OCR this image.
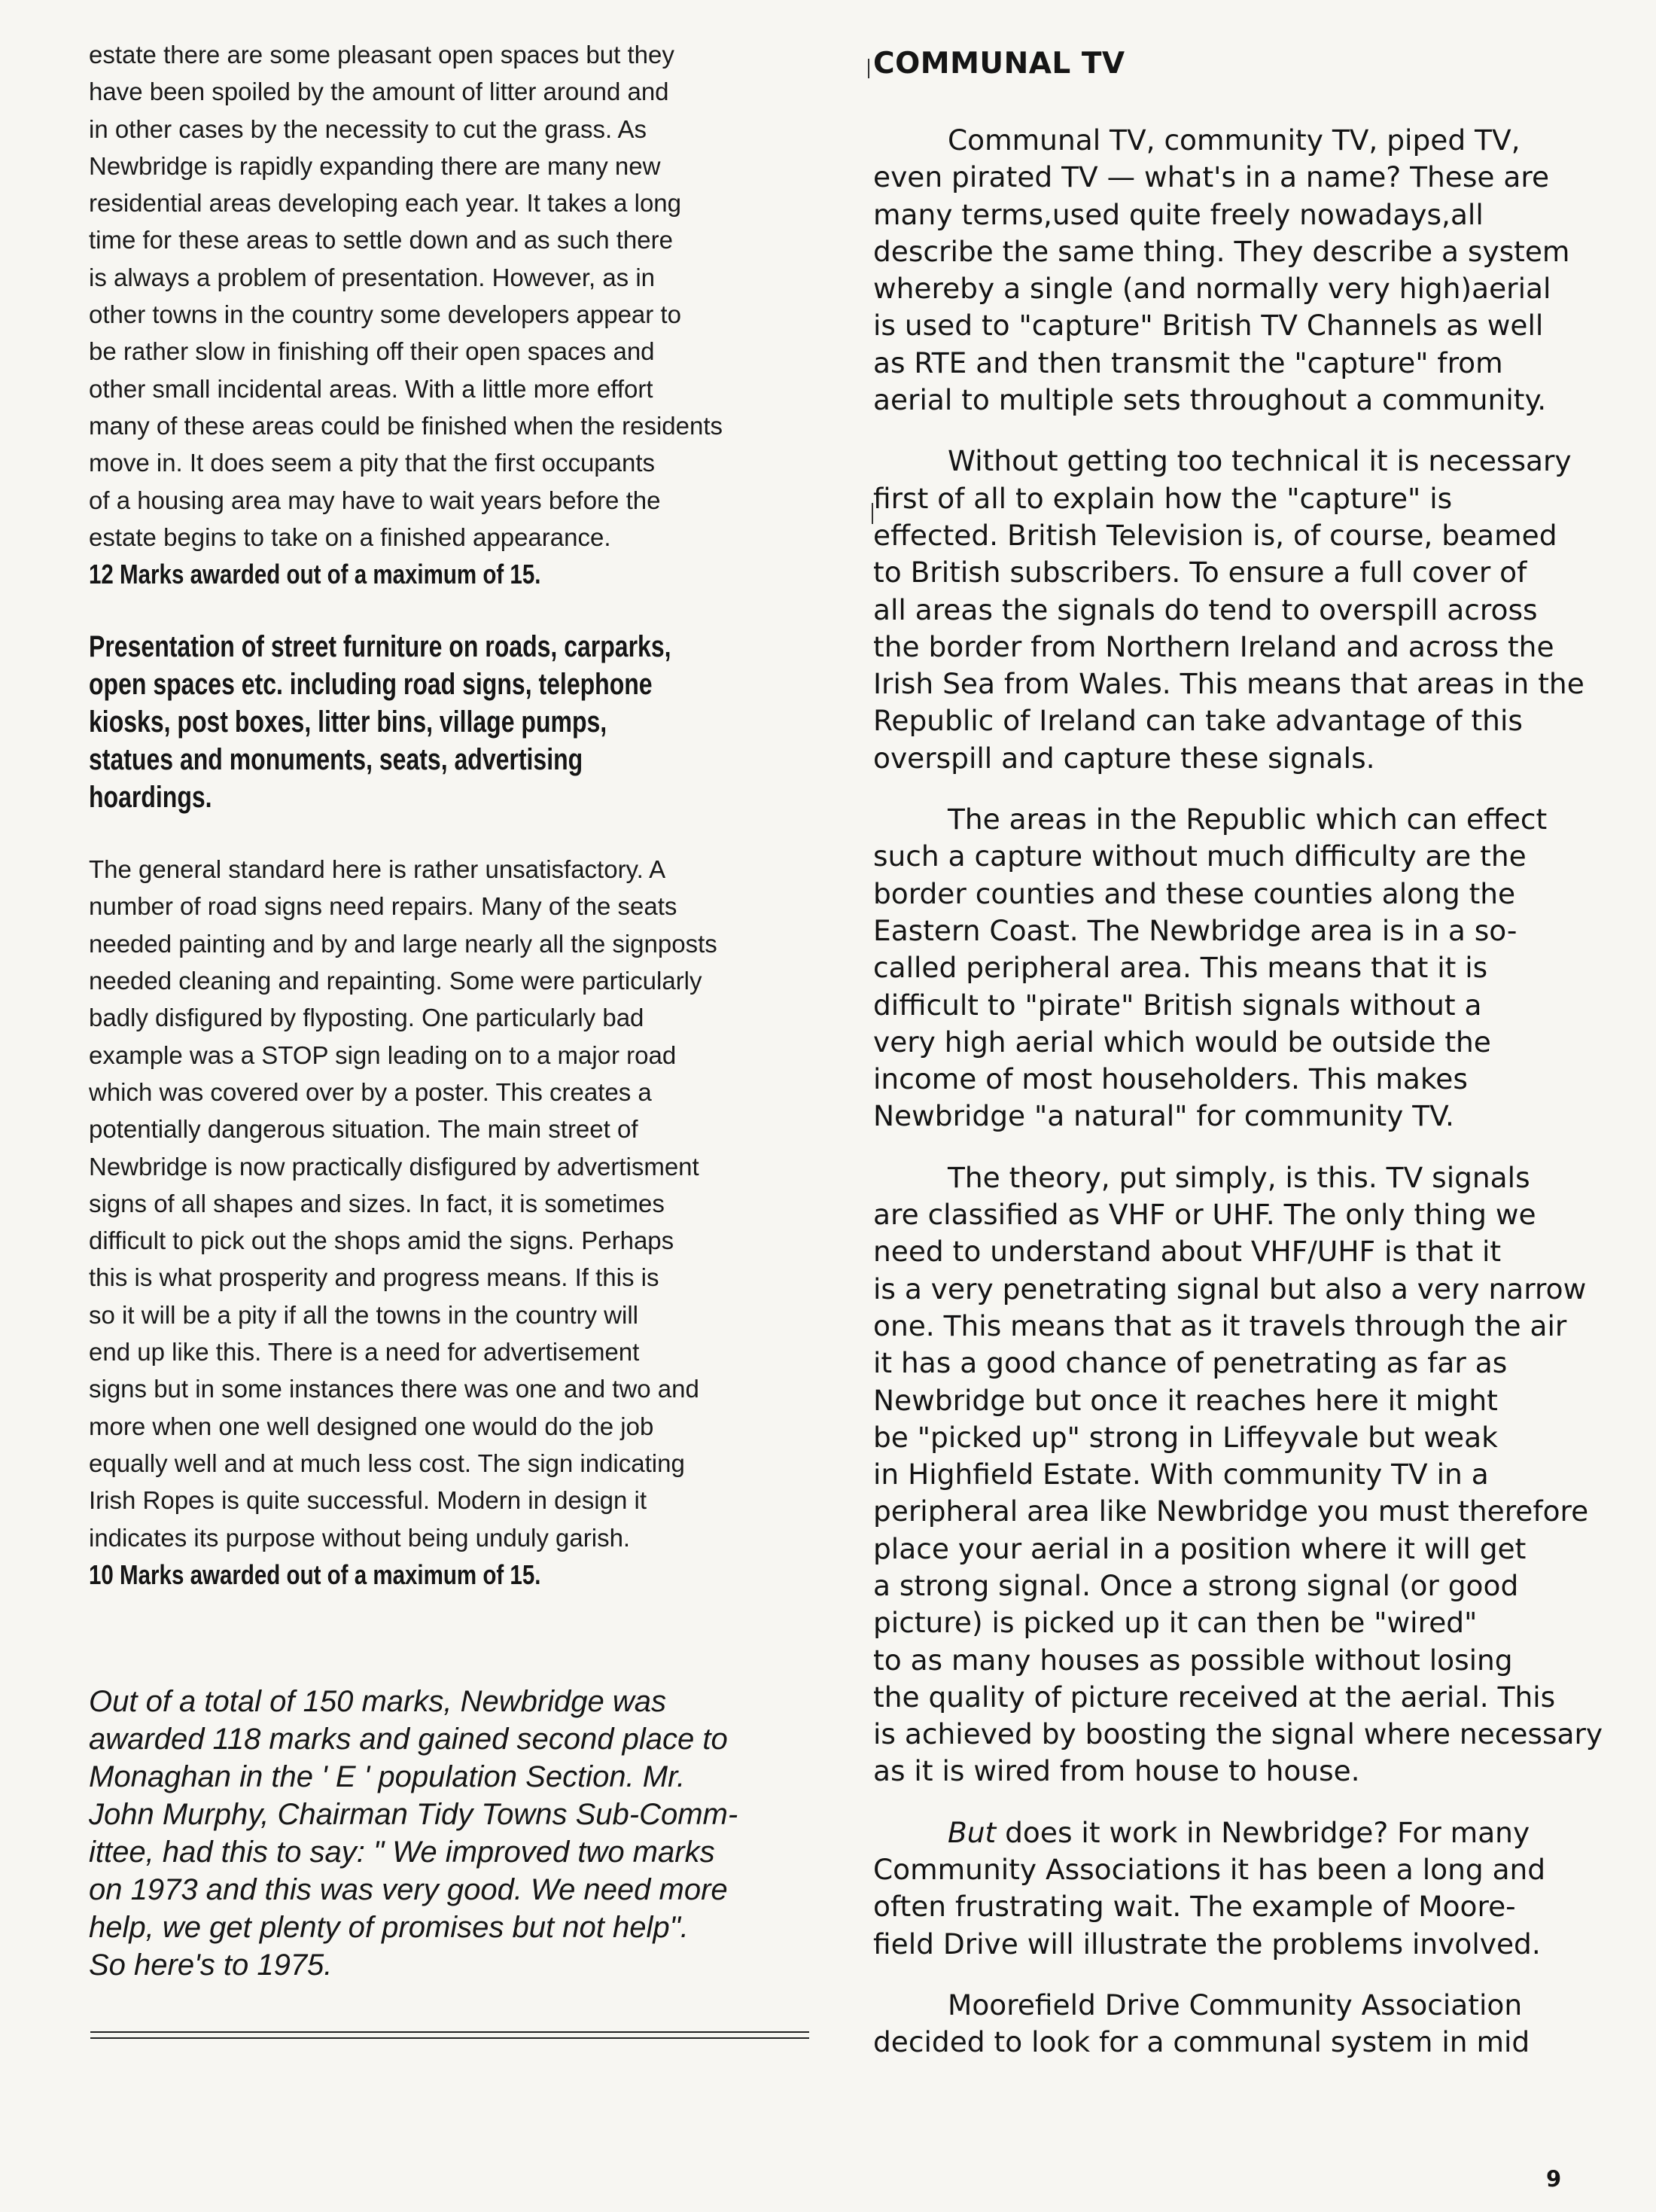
estate there are some pleasant open spaces but they
have been spoiled by the amount of litter around and
in other cases by the necessity to cut the grass. As
Newbridge is rapidly expanding there are many new
residential areas developing each year. It takes a long
time for these areas to settle down and as such there
is always a problem of presentation. However, as in
other towns in the country some developers appear to
be rather slow in finishing off their open spaces and
other small incidental areas. With a little more effort
many of these areas could be finished when the residents
move in. It does seem a pity that the first occupants
of a housing area may have to wait years before the
estate begins to take on a finished appearance.

12 Marks awarded out of a maximum of 15.

Presentation of street furniture on roads, carparks,
open spaces etc. including road signs, telephone
kiosks, post boxes, litter bins, village pumps,
statues and monuments, seats, advertising
hoardings.

The general standard here is rather unsatisfactory. A
number of road signs need repairs. Many of the seats
needed painting and by and large nearly all the signposts
needed cleaning and repainting. Some were particularly
badly disfigured by flyposting. One particularly bad
example was a STOP sign leading on to a major road
which was covered over by a poster. This creates a
potentially dangerous situation. The main street of
Newbridge is now practically disfigured by advertisment
signs of all shapes and sizes. In fact, it is sometimes
difficult to pick out the shops amid the signs. Perhaps
this is what prosperity and progress means. If this is
so it will be a pity if all the towns in the country will
end up like this. There is a need for advertisement
signs but in some instances there was one and two and
more when one well designed one would do the job
equally well and at much less cost. The sign indicating
Irish Ropes is quite successful. Modern in design it
indicates its purpose without being unduly garish.

10 Marks awarded out of a maximum of 15.

Out of a total of 150 marks, Newbridge was
awarded 118 marks and gained second place to
Monaghan in the ' E ' population Section. Mr.
John Murphy, Chairman Tidy Towns Sub-Comm-
ittee, had this to say: " We improved two marks
on 1973 and this was very good. We need more
help, we get plenty of promises but not help".
So here's to 1975.
COMMUNAL TV

Communal TV, community TV, piped TV,
even pirated TV — what's in a name? These are
many terms,used quite freely nowadays,all
describe the same thing. They describe a system
whereby a single (and normally very high)aerial
is used to "capture" British TV Channels as well
as RTE and then transmit the "capture" from
aerial to multiple sets throughout a community.

Without getting too technical it is necessary
first of all to explain how the "capture" is
effected. British Television is, of course, beamed
to British subscribers. To ensure a full cover of
all areas the signals do tend to overspill across
the border from Northern Ireland and across the
Irish Sea from Wales. This means that areas in the
Republic of Ireland can take advantage of this
overspill and capture these signals.

The areas in the Republic which can effect
such a capture without much difficulty are the
border counties and these counties along the
Eastern Coast. The Newbridge area is in a so-
called peripheral area. This means that it is
difficult to "pirate" British signals without a
very high aerial which would be outside the
income of most householders. This makes
Newbridge "a natural" for community TV.

The theory, put simply, is this. TV signals
are classified as VHF or UHF. The only thing we
need to understand about VHF/UHF is that it
is a very penetrating signal but also a very narrow
one. This means that as it travels through the air
it has a good chance of penetrating as far as
Newbridge but once it reaches here it might
be "picked up" strong in Liffeyvale but weak
in Highfield Estate. With community TV in a
peripheral area like Newbridge you must therefore
place your aerial in a position where it will get
a strong signal. Once a strong signal (or good
picture) is picked up it can then be "wired"
to as many houses as possible without losing
the quality of picture received at the aerial. This
is achieved by boosting the signal where necessary
as it is wired from house to house.

But does it work in Newbridge? For many
Community Associations it has been a long and
often frustrating wait. The example of Moore-
field Drive will illustrate the problems involved.

Moorefield Drive Community Association
decided to look for a communal system in mid

9
